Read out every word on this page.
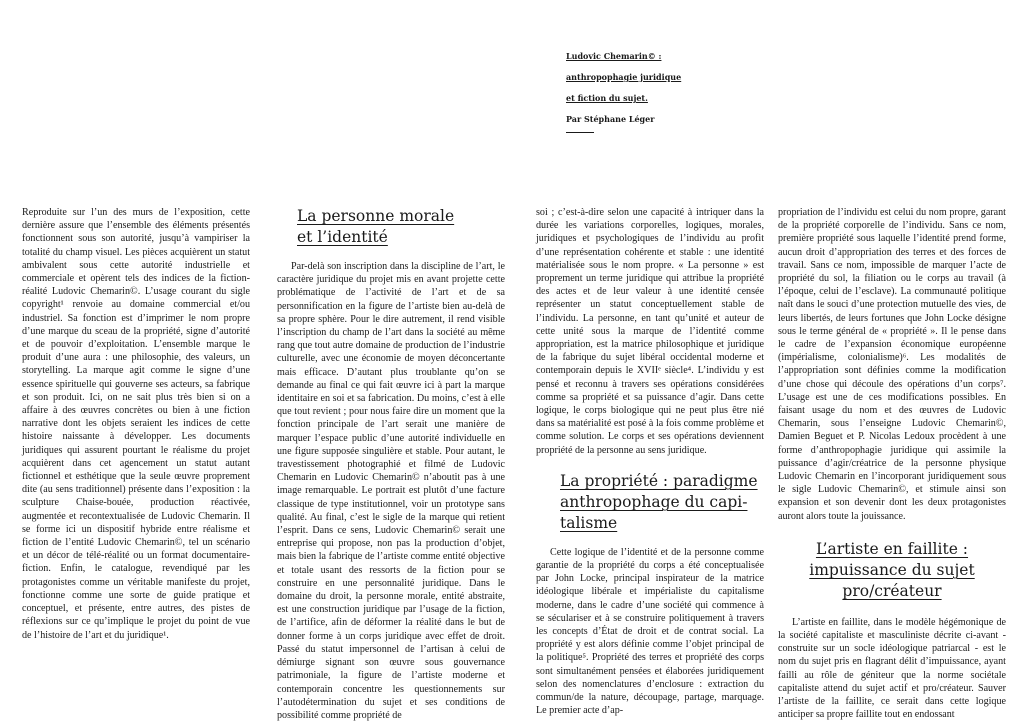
Ludovic Chemarin© :
anthropophagie juridique
et fiction du sujet.
Par Stéphane Léger

Reproduite sur l’un des murs de l’exposition, cette dernière assure que l’ensemble des éléments présentés fonctionnent sous son autorité, jusqu’à vampiriser la totalité du champ visuel. Les pièces acquièrent un statut ambivalent sous cette autorité industrielle et commerciale et opèrent tels des indices de la fiction-réalité Ludovic Chemarin©. L’usage courant du sigle copyright¹ renvoie au domaine commercial et/ou industriel. Sa fonction est d’imprimer le nom propre d’une marque du sceau de la propriété, signe d’autorité et de pouvoir d’exploitation. L’ensemble marque le produit d’une aura : une philosophie, des valeurs, un storytelling. La marque agit comme le signe d’une essence spirituelle qui gouverne ses acteurs, sa fabrique et son produit. Ici, on ne sait plus très bien si on a affaire à des œuvres concrètes ou bien à une fiction narrative dont les objets seraient les indices de cette histoire naissante à développer. Les documents juridiques qui assurent pourtant le réalisme du projet acquièrent dans cet agencement un statut autant fictionnel et esthétique que la seule œuvre proprement dite (au sens traditionnel) présente dans l’exposition : la sculpture Chaise-bouée, production réactivée, augmentée et recontextualisée de Ludovic Chemarin. Il se forme ici un dispositif hybride entre réalisme et fiction de l’entité Ludovic Chemarin©, tel un scénario et un décor de télé-réalité ou un format documentaire-fiction. Enfin, le catalogue, revendiqué par les protagonistes comme un véritable manifeste du projet, fonctionne comme une sorte de guide pratique et conceptuel, et présente, entre autres, des pistes de réflexions sur ce qu’implique le projet du point de vue de l’histoire de l’art et du juridique¹.

La personne morale
et l’identité

Par-delà son inscription dans la discipline de l’art, le caractère juridique du projet mis en avant projette cette problématique de l’activité de l’art et de sa personnification en la figure de l’artiste bien au-delà de sa propre sphère. Pour le dire autrement, il rend visible l’inscription du champ de l’art dans la société au même rang que tout autre domaine de production de l’industrie culturelle, avec une économie de moyen déconcertante mais efficace. D’autant plus troublante qu’on se demande au final ce qui fait œuvre ici à part la marque identitaire en soi et sa fabrication. Du moins, c’est à elle que tout revient ; pour nous faire dire un moment que la fonction principale de l’art serait une manière de marquer l’espace public d’une autorité individuelle en une figure supposée singulière et stable. Pour autant, le travestissement photographié et filmé de Ludovic Chemarin en Ludovic Chemarin© n’aboutit pas à une image remarquable. Le portrait est plutôt d’une facture classique de type institutionnel, voir un prototype sans qualité. Au final, c’est le sigle de la marque qui retient l’esprit. Dans ce sens, Ludovic Chemarin© serait une entreprise qui propose, non pas la production d’objet, mais bien la fabrique de l’artiste comme entité objective et totale usant des ressorts de la fiction pour se construire en une personnalité juridique. Dans le domaine du droit, la personne morale, entité abstraite, est une construction juridique par l’usage de la fiction, de l’artifice, afin de déformer la réalité dans le but de donner forme à un corps juridique avec effet de droit. Passé du statut impersonnel de l’artisan à celui de démiurge signant son œuvre sous gouvernance patrimoniale, la figure de l’artiste moderne et contemporain concentre les questionnements sur l’autodétermination du sujet et ses conditions de possibilité comme propriété de

soi ; c’est-à-dire selon une capacité à intriquer dans la durée les variations corporelles, logiques, morales, juridiques et psychologiques de l’individu au profit d’une représentation cohérente et stable : une identité matérialisée sous le nom propre. « La personne » est proprement un terme juridique qui attribue la propriété des actes et de leur valeur à une identité censée représenter un statut conceptuellement stable de l’individu. La personne, en tant qu’unité et auteur de cette unité sous la marque de l’identité comme appropriation, est la matrice philosophique et juridique de la fabrique du sujet libéral occidental moderne et contemporain depuis le XVIIᵉ siècle⁴. L’individu y est pensé et reconnu à travers ses opérations considérées comme sa propriété et sa puissance d’agir. Dans cette logique, le corps biologique qui ne peut plus être nié dans sa matérialité est posé à la fois comme problème et comme solution. Le corps et ses opérations deviennent propriété de la personne au sens juridique.

La propriété : paradigme
anthropophage du capi-
talisme

Cette logique de l’identité et de la personne comme garantie de la propriété du corps a été conceptualisée par John Locke, principal inspirateur de la matrice idéologique libérale et impérialiste du capitalisme moderne, dans le cadre d’une société qui commence à se séculariser et à se construire politiquement à travers les concepts d’État de droit et de contrat social. La propriété y est alors définie comme l’objet principal de la politique⁵. Propriété des terres et propriété des corps sont simultanément pensées et élaborées juridiquement selon des nomenclatures d’enclosure : extraction du commun/de la nature, découpage, partage, marquage. Le premier acte d’ap-

propriation de l’individu est celui du nom propre, garant de la propriété corporelle de l’individu. Sans ce nom, première propriété sous laquelle l’identité prend forme, aucun droit d’appropriation des terres et des forces de travail. Sans ce nom, impossible de marquer l’acte de propriété du sol, la filiation ou le corps au travail (à l’époque, celui de l’esclave). La communauté politique naît dans le souci d’une protection mutuelle des vies, de leurs libertés, de leurs fortunes que John Locke désigne sous le terme général de « propriété ». Il le pense dans le cadre de l’expansion économique européenne (impérialisme, colonialisme)⁶. Les modalités de l’appropriation sont définies comme la modification d’une chose qui découle des opérations d’un corps⁷. L’usage est une de ces modifications possibles. En faisant usage du nom et des œuvres de Ludovic Chemarin, sous l’enseigne Ludovic Chemarin©, Damien Beguet et P. Nicolas Ledoux procèdent à une forme d’anthropophagie juridique qui assimile la puissance d’agir/créatrice de la personne physique Ludovic Chemarin en l’incorporant juridiquement sous le sigle Ludovic Chemarin©, et stimule ainsi son expansion et son devenir dont les deux protagonistes auront alors toute la jouissance.

L’artiste en faillite :
impuissance du sujet
pro/créateur

L’artiste en faillite, dans le modèle hégémonique de la société capitaliste et masculiniste décrite ci-avant - construite sur un socle idéologique patriarcal - est le nom du sujet pris en flagrant délit d’impuissance, ayant failli au rôle de géniteur que la norme sociétale capitaliste attend du sujet actif et pro/créateur. Sauver l’artiste de la faillite, ce serait dans cette logique anticiper sa propre faillite tout en endossant
